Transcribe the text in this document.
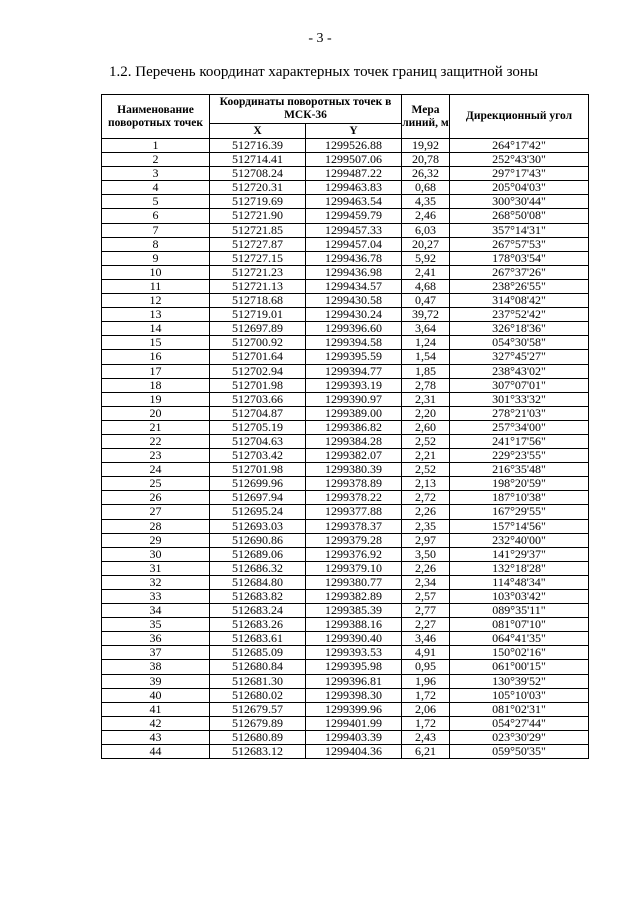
- 3 -
1.2. Перечень координат характерных точек границ защитной зоны
Наименование поворотных точек	Координаты поворотных точек в МСК-36		Мера линий, м	Дирекционный угол
	X	Y		
1	512716.39	1299526.88	19,92	264°17'42"
2	512714.41	1299507.06	20,78	252°43'30"
3	512708.24	1299487.22	26,32	297°17'43"
4	512720.31	1299463.83	0,68	205°04'03"
5	512719.69	1299463.54	4,35	300°30'44"
6	512721.90	1299459.79	2,46	268°50'08"
7	512721.85	1299457.33	6,03	357°14'31"
8	512727.87	1299457.04	20,27	267°57'53"
9	512727.15	1299436.78	5,92	178°03'54"
10	512721.23	1299436.98	2,41	267°37'26"
11	512721.13	1299434.57	4,68	238°26'55"
12	512718.68	1299430.58	0,47	314°08'42"
13	512719.01	1299430.24	39,72	237°52'42"
14	512697.89	1299396.60	3,64	326°18'36"
15	512700.92	1299394.58	1,24	054°30'58"
16	512701.64	1299395.59	1,54	327°45'27"
17	512702.94	1299394.77	1,85	238°43'02"
18	512701.98	1299393.19	2,78	307°07'01"
19	512703.66	1299390.97	2,31	301°33'32"
20	512704.87	1299389.00	2,20	278°21'03"
21	512705.19	1299386.82	2,60	257°34'00"
22	512704.63	1299384.28	2,52	241°17'56"
23	512703.42	1299382.07	2,21	229°23'55"
24	512701.98	1299380.39	2,52	216°35'48"
25	512699.96	1299378.89	2,13	198°20'59"
26	512697.94	1299378.22	2,72	187°10'38"
27	512695.24	1299377.88	2,26	167°29'55"
28	512693.03	1299378.37	2,35	157°14'56"
29	512690.86	1299379.28	2,97	232°40'00"
30	512689.06	1299376.92	3,50	141°29'37"
31	512686.32	1299379.10	2,26	132°18'28"
32	512684.80	1299380.77	2,34	114°48'34"
33	512683.82	1299382.89	2,57	103°03'42"
34	512683.24	1299385.39	2,77	089°35'11"
35	512683.26	1299388.16	2,27	081°07'10"
36	512683.61	1299390.40	3,46	064°41'35"
37	512685.09	1299393.53	4,91	150°02'16"
38	512680.84	1299395.98	0,95	061°00'15"
39	512681.30	1299396.81	1,96	130°39'52"
40	512680.02	1299398.30	1,72	105°10'03"
41	512679.57	1299399.96	2,06	081°02'31"
42	512679.89	1299401.99	1,72	054°27'44"
43	512680.89	1299403.39	2,43	023°30'29"
44	512683.12	1299404.36	6,21	059°50'35"
